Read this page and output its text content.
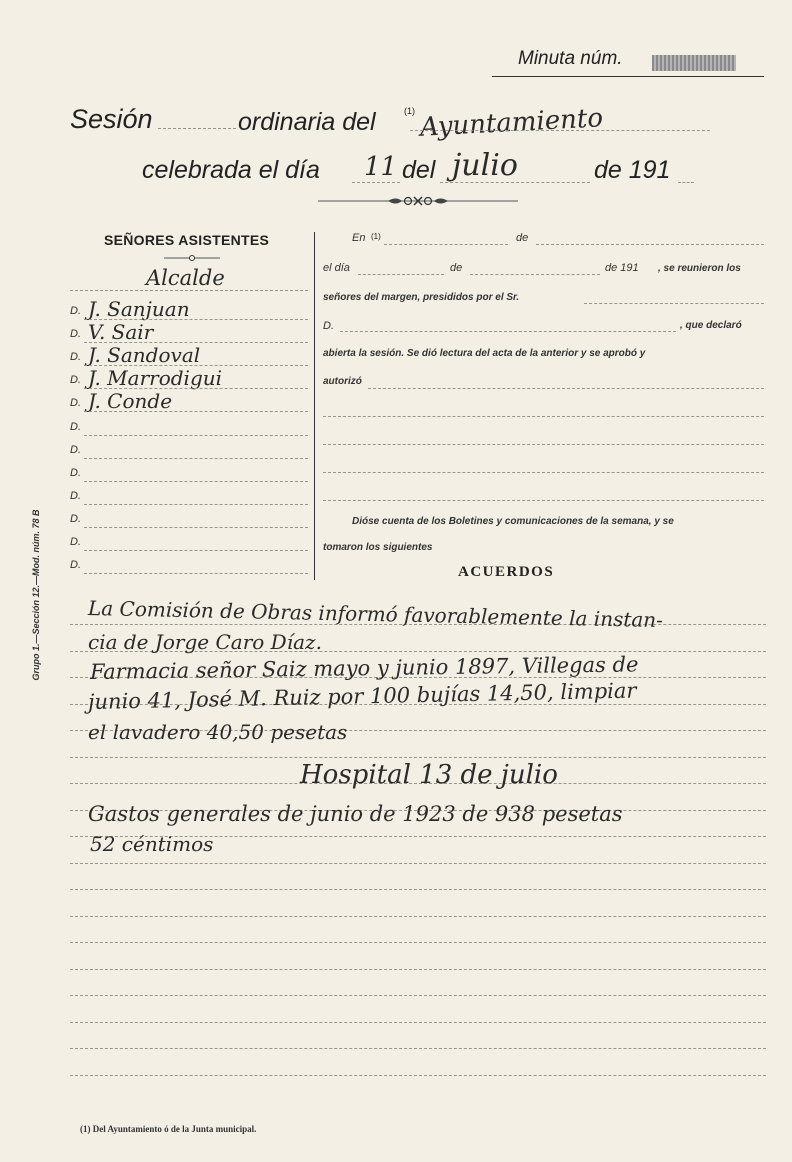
Minuta núm.
Sesión	ordinaria del	(1) Ayuntamiento
celebrada el día 11 del julio	de 191
SEÑORES ASISTENTES
Alcalde
D. J. Sanjuan
D. V. Sair
D. J. Sandoval
D. J. Marrodigui
D. J. Conde
D.
D.
D.
D.
D.
D.
D.
En (1)	de
el día	de	de 191 , se reunieron los
señores del margen, presididos por el Sr.
D.	, que declaró
abierta la sesión. Se dió lectura del acta de la anterior y se aprobó y
autorizó
Dióse cuenta de los Boletines y comunicaciones de la semana, y se
tomaron los siguientes
ACUERDOS
La Comisión de Obras informó favorablemente la instan-
cia de Jorge Caro Díaz.
Farmacia señor Saiz mayo y junio 1897, Villegas de
junio 41, José M. Ruiz por 100 bujías 14,50, limpiar
el lavadero 40,50 pesetas
Hospital 13 de julio
Gastos generales de junio de 1923 de 938 pesetas
52 céntimos
Grupo 1.—Sección 12.—Mod. núm. 78 B
(1) Del Ayuntamiento ó de la Junta municipal.
